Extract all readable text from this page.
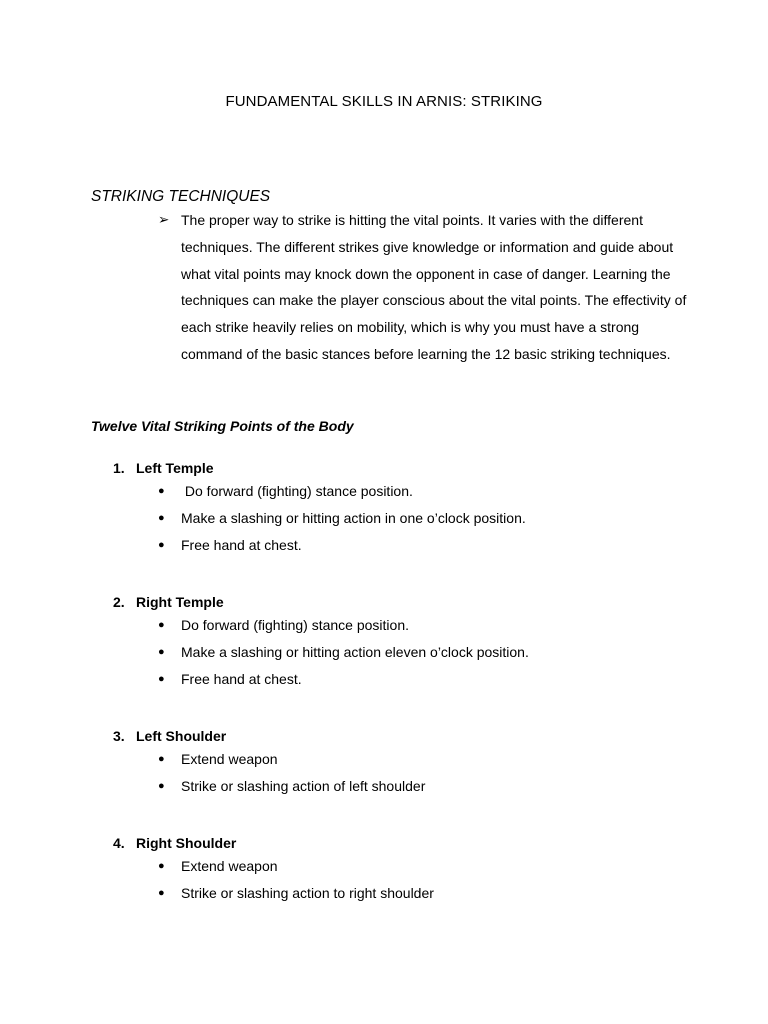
FUNDAMENTAL SKILLS IN ARNIS: STRIKING
STRIKING TECHNIQUES
➢ The proper way to strike is hitting the vital points. It varies with the different techniques. The different strikes give knowledge or information and guide about what vital points may knock down the opponent in case of danger. Learning the techniques can make the player conscious about the vital points. The effectivity of each strike heavily relies on mobility, which is why you must have a strong command of the basic stances before learning the 12 basic striking techniques.
Twelve Vital Striking Points of the Body
1. Left Temple
● Do forward (fighting) stance position.
● Make a slashing or hitting action in one o’clock position.
● Free hand at chest.
2. Right Temple
● Do forward (fighting) stance position.
● Make a slashing or hitting action eleven o’clock position.
● Free hand at chest.
3. Left Shoulder
● Extend weapon
● Strike or slashing action of left shoulder
4. Right Shoulder
● Extend weapon
● Strike or slashing action to right shoulder
